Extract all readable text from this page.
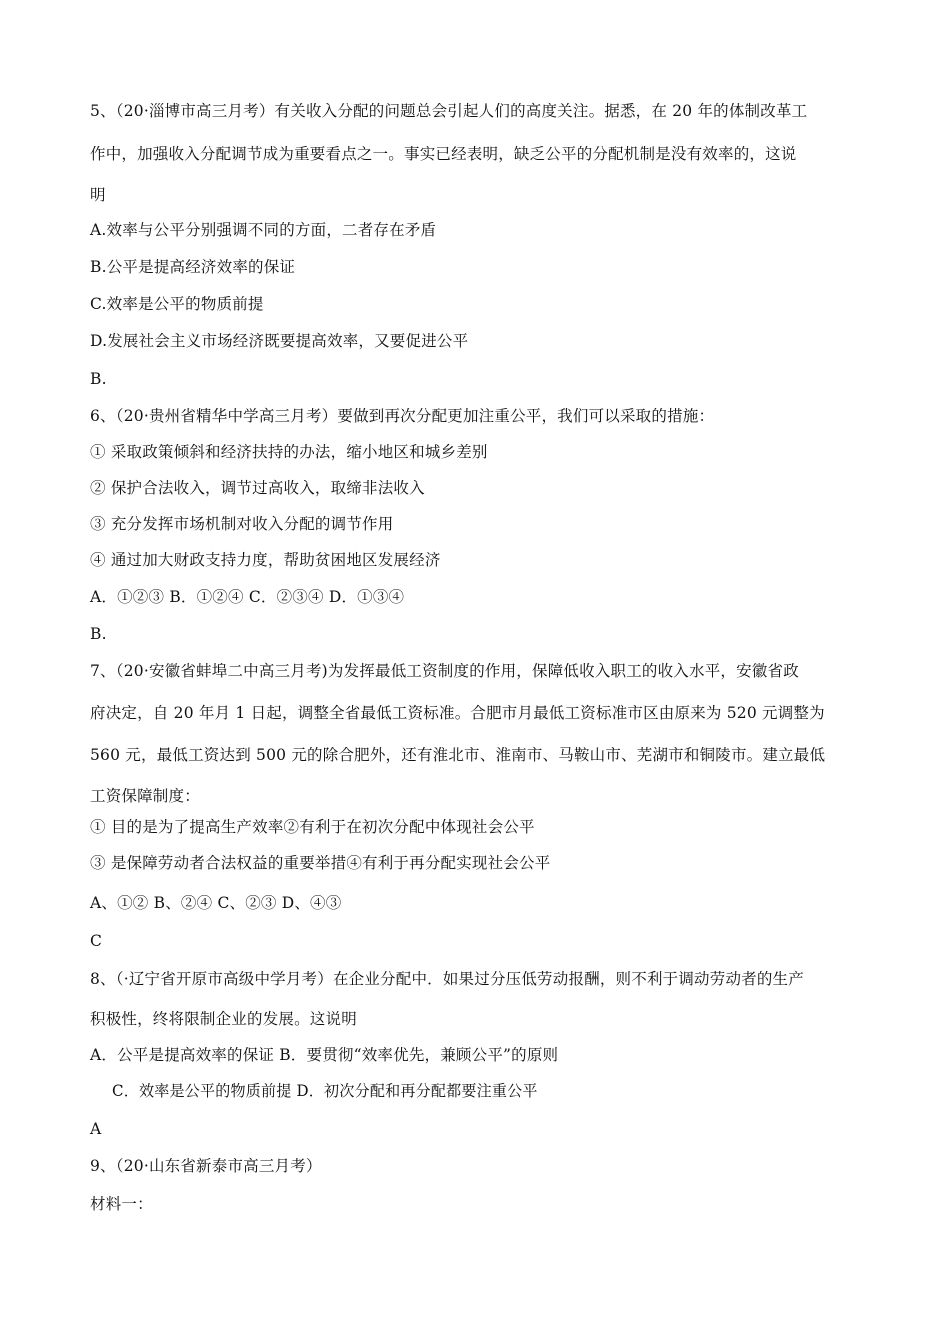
5、（20·淄博市高三月考）有关收入分配的问题总会引起人们的高度关注。据悉，在 20 年的体制改革工
作中，加强收入分配调节成为重要看点之一。事实已经表明，缺乏公平的分配机制是没有效率的，这说
明
A.效率与公平分别强调不同的方面，二者存在矛盾
B.公平是提高经济效率的保证
C.效率是公平的物质前提
D.发展社会主义市场经济既要提高效率，又要促进公平
B.
6、（20·贵州省精华中学高三月考）要做到再次分配更加注重公平，我们可以采取的措施：
① 采取政策倾斜和经济扶持的办法，缩小地区和城乡差别
② 保护合法收入，调节过高收入，取缔非法收入
③ 充分发挥市场机制对收入分配的调节作用
④ 通过加大财政支持力度，帮助贫困地区发展经济
A．①②③ B．①②④ C．②③④ D．①③④
B.
7、（20·安徽省蚌埠二中高三月考)为发挥最低工资制度的作用，保障低收入职工的收入水平，安徽省政
府决定，自 20 年月 1 日起，调整全省最低工资标准。合肥市月最低工资标准市区由原来为 520 元调整为
560 元，最低工资达到 500 元的除合肥外，还有淮北市、淮南市、马鞍山市、芜湖市和铜陵市。建立最低
工资保障制度：
① 目的是为了提高生产效率②有利于在初次分配中体现社会公平
③ 是保障劳动者合法权益的重要举措④有利于再分配实现社会公平
A、①② B、②④ C、②③ D、④③
C
8、（·辽宁省开原市高级中学月考）在企业分配中．如果过分压低劳动报酬，则不利于调动劳动者的生产
积极性，终将限制企业的发展。这说明
A．公平是提高效率的保证 B．要贯彻“效率优先，兼顾公平”的原则
C．效率是公平的物质前提 D．初次分配和再分配都要注重公平
A
9、（20·山东省新泰市高三月考）
材料一：
